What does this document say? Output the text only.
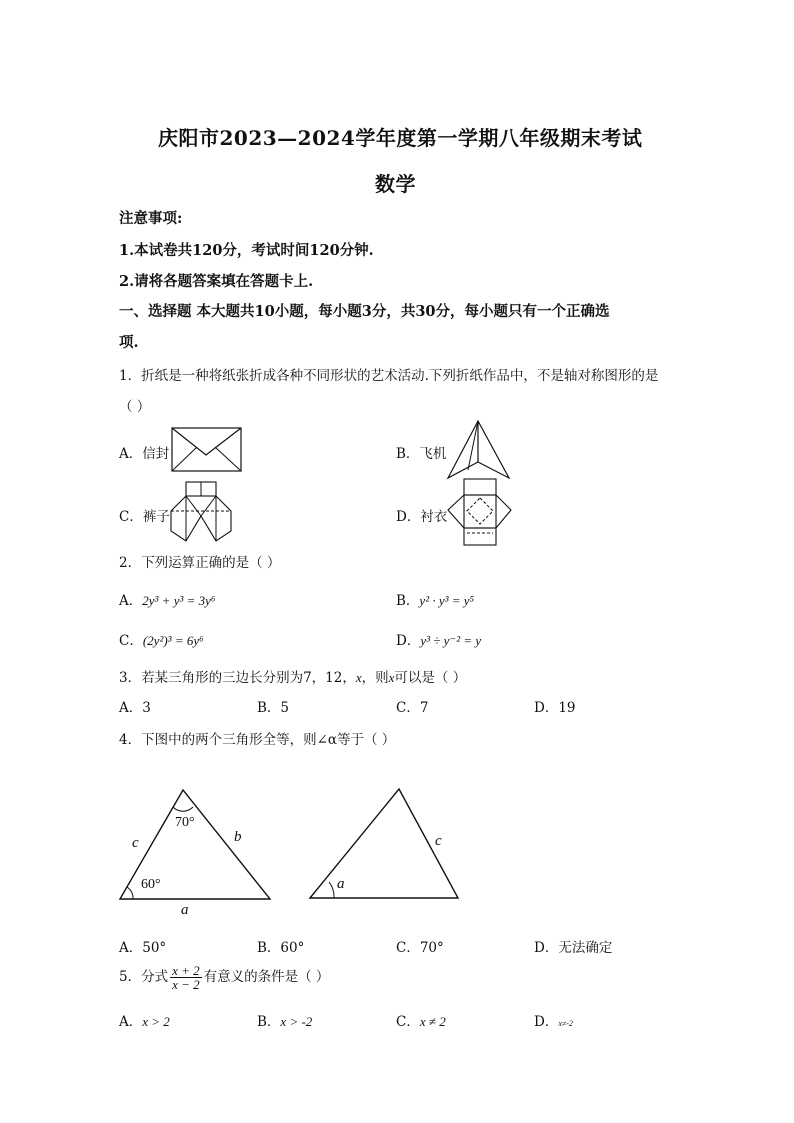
庆阳市2023—2024学年度第一学期八年级期末考试
数学
注意事项:
1.本试卷共120分，考试时间120分钟.
2.请将各题答案填在答题卡上.
一、选择题 本大题共10小题，每小题3分，共30分，每小题只有一个正确选
项.
1．折纸是一种将纸张折成各种不同形状的艺术活动.下列折纸作品中，不是轴对称图形的是
（ ）
A．信封	B．飞机
C．裤子	D．衬衣
2．下列运算正确的是（ ）
A．2y³ + y³ = 3y⁶	B．y² · y³ = y⁵
C．(2y²)³ = 6y⁶	D．y³ ÷ y⁻² = y
3．若某三角形的三边长分别为7，12，x，则x可以是（ ）
A．3	B．5	C．7	D．19
4．下图中的两个三角形全等，则∠α等于（ ）
70°
60°
c	b
a
a
c
A．50°	B．60°	C．70°	D．无法确定
5．分式 $\frac{x + 2}{x - 2}$ 有意义的条件是（ ）
A．x > 2	B．x > -2	C．x ≠ 2	D．x≠-2
